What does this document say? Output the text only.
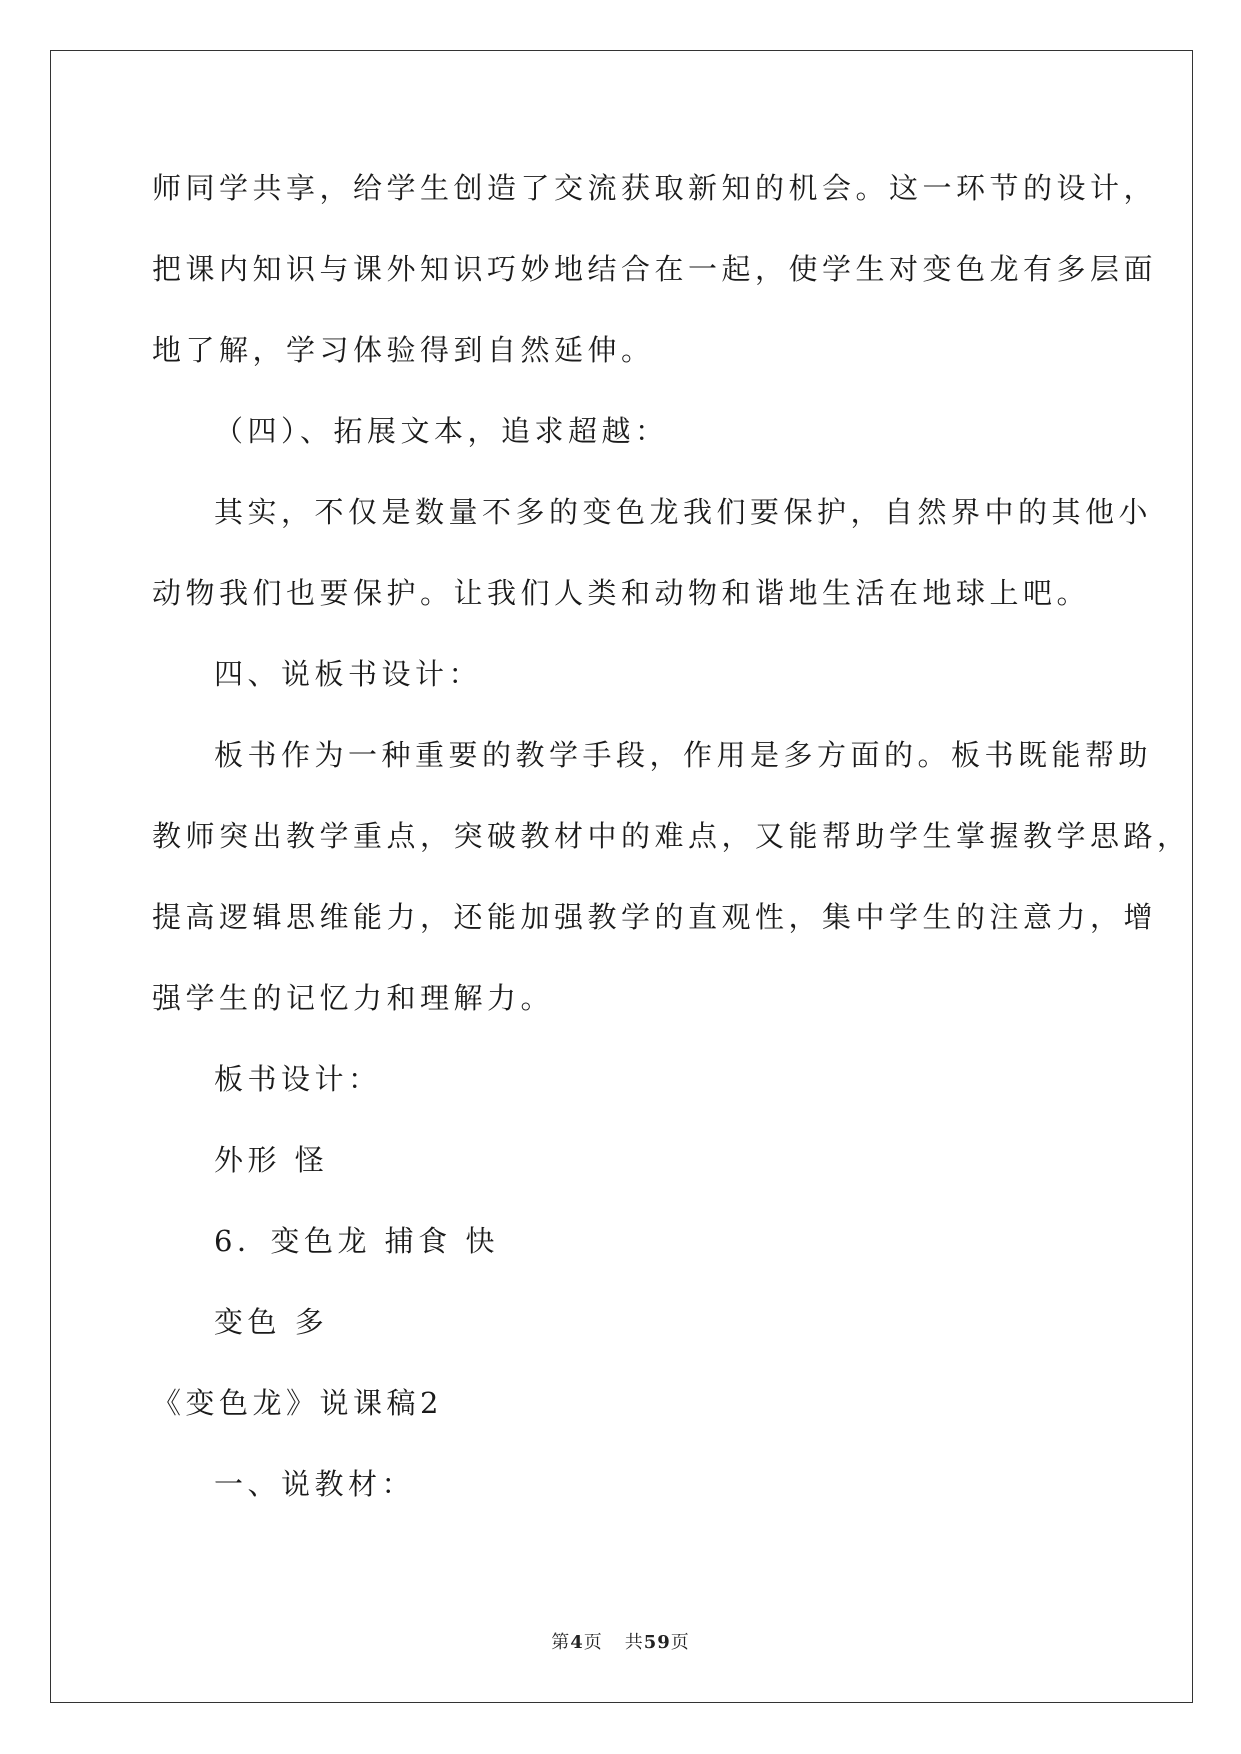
师同学共享，给学生创造了交流获取新知的机会。这一环节的设计，
把课内知识与课外知识巧妙地结合在一起，使学生对变色龙有多层面
地了解，学习体验得到自然延伸。
（四）、拓展文本，追求超越：
其实，不仅是数量不多的变色龙我们要保护，自然界中的其他小
动物我们也要保护。让我们人类和动物和谐地生活在地球上吧。
四、说板书设计：
板书作为一种重要的教学手段，作用是多方面的。板书既能帮助
教师突出教学重点，突破教材中的难点，又能帮助学生掌握教学思路，
提高逻辑思维能力，还能加强教学的直观性，集中学生的注意力，增
强学生的记忆力和理解力。
板书设计：
外形 怪
6．变色龙 捕食 快
变色 多
《变色龙》说课稿2
一、说教材：
第4页 共59页
